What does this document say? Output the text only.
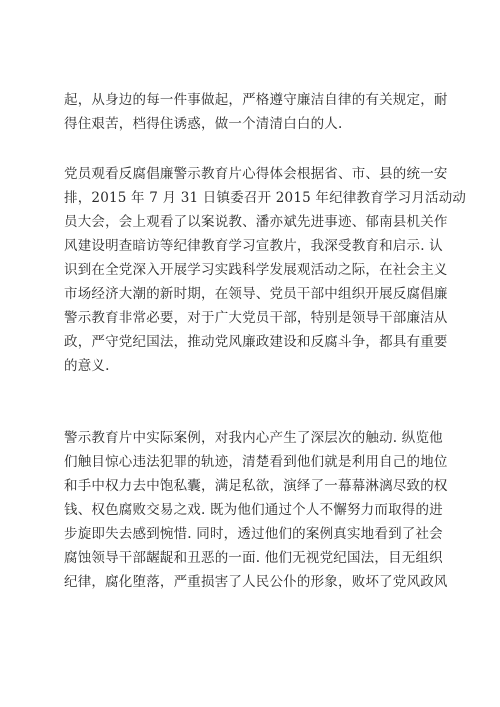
起，从身边的每一件事做起，严格遵守廉洁自律的有关规定，耐
得住艰苦，档得住诱惑，做一个清清白白的人.
党员观看反腐倡廉警示教育片心得体会根据省、市、县的统一安
排，2015 年 7 月 31 日镇委召开 2015 年纪律教育学习月活动动
员大会，会上观看了以案说教、潘亦斌先进事迹、郁南县机关作
风建设明查暗访等纪律教育学习宣教片，我深受教育和启示. 认
识到在全党深入开展学习实践科学发展观活动之际，在社会主义
市场经济大潮的新时期，在领导、党员干部中组织开展反腐倡廉
警示教育非常必要，对于广大党员干部，特别是领导干部廉洁从
政，严守党纪国法，推动党风廉政建设和反腐斗争，都具有重要
的意义.
警示教育片中实际案例，对我内心产生了深层次的触动. 纵览他
们触目惊心违法犯罪的轨迹，清楚看到他们就是利用自己的地位
和手中权力去中饱私囊，满足私欲，演绎了一幕幕淋漓尽致的权
钱、权色腐败交易之戏. 既为他们通过个人不懈努力而取得的进
步旋即失去感到惋惜. 同时，透过他们的案例真实地看到了社会
腐蚀领导干部龌龊和丑恶的一面. 他们无视党纪国法，目无组织
纪律，腐化堕落，严重损害了人民公仆的形象，败坏了党风政风
